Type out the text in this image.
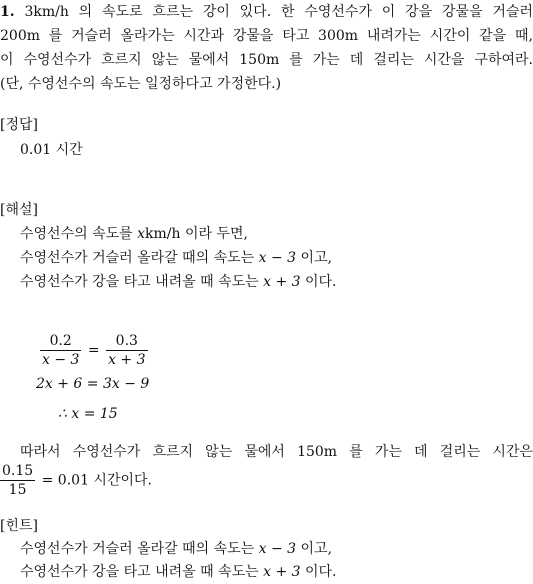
1. 3km/h 의 속도로 흐르는 강이 있다. 한 수영선수가 이 강을 강물을 거슬러
200m 를 거슬러 올라가는 시간과 강물을 타고 300m 내려가는 시간이 같을 때,
이 수영선수가 흐르지 않는 물에서 150m 를 가는 데 걸리는 시간을 구하여라.
(단, 수영선수의 속도는 일정하다고 가정한다.)
[정답]
0.01 시간
[해설]
수영선수의 속도를 xkm/h 이라 두면,
수영선수가 거슬러 올라갈 때의 속도는 x − 3 이고,
수영선수가 강을 타고 내려올 때 속도는 x + 3 이다.
$\frac{0.2}{x - 3} = \frac{0.3}{x + 3}$
2x + 6 = 3x − 9
∴ x = 15
따라서 수영선수가 흐르지 않는 물에서 150m 를 가는 데 걸리는 시간은
$\frac{0.15}{15} = 0.01$ 시간이다.
[힌트]
수영선수가 거슬러 올라갈 때의 속도는 x − 3 이고,
수영선수가 강을 타고 내려올 때 속도는 x + 3 이다.
